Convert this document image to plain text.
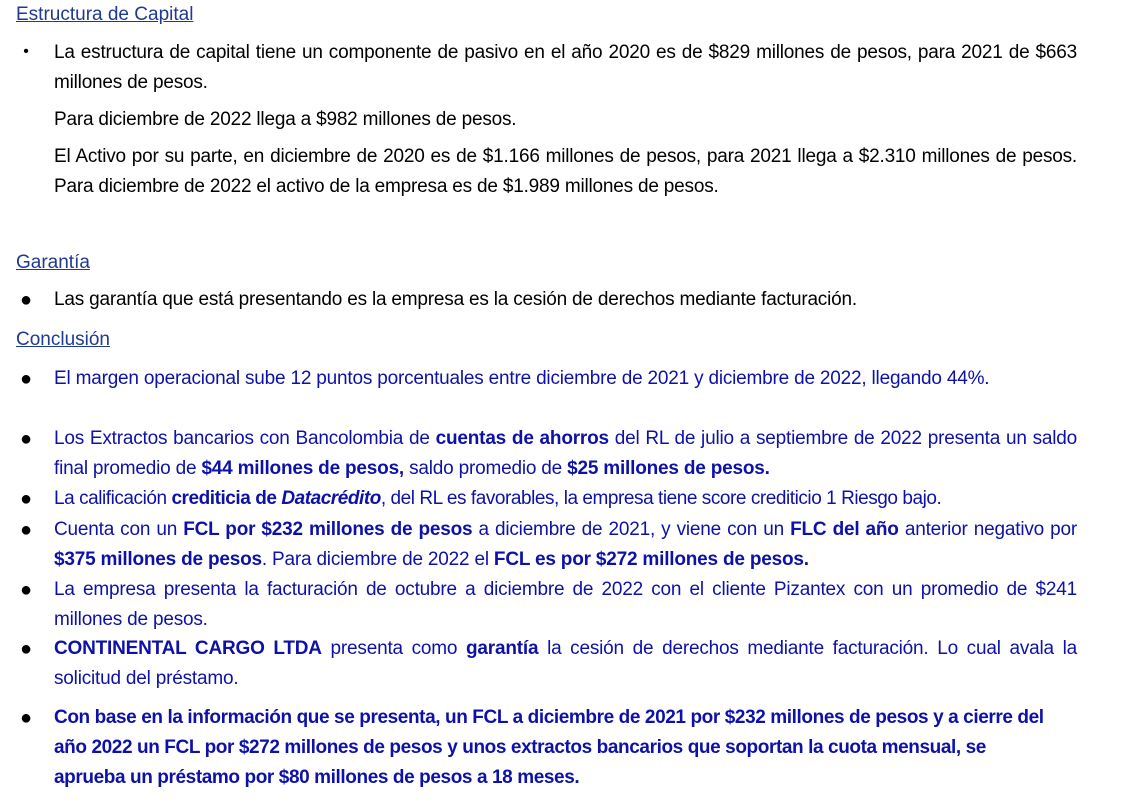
Estructura de Capital
• La estructura de capital tiene un componente de pasivo en el año 2020 es de $829 millones de pesos, para 2021 de $663 millones de pesos.
Para diciembre de 2022 llega a $982 millones de pesos.
El Activo por su parte, en diciembre de 2020 es de $1.166 millones de pesos, para 2021 llega a $2.310 millones de pesos. Para diciembre de 2022 el activo de la empresa es de $1.989 millones de pesos.
Garantía
● Las garantía que está presentando es la empresa es la cesión de derechos mediante facturación.
Conclusión
● El margen operacional sube 12 puntos porcentuales entre diciembre de 2021 y diciembre de 2022, llegando 44%.
● Los Extractos bancarios con Bancolombia de cuentas de ahorros del RL de julio a septiembre de 2022 presenta un saldo final promedio de $44 millones de pesos, saldo promedio de $25 millones de pesos.
● La calificación crediticia de Datacrédito, del RL es favorables, la empresa tiene score crediticio 1 Riesgo bajo.
● Cuenta con un FCL por $232 millones de pesos a diciembre de 2021, y viene con un FLC del año anterior negativo por $375 millones de pesos. Para diciembre de 2022 el FCL es por $272 millones de pesos.
● La empresa presenta la facturación de octubre a diciembre de 2022 con el cliente Pizantex con un promedio de $241 millones de pesos.
● CONTINENTAL CARGO LTDA presenta como garantía la cesión de derechos mediante facturación. Lo cual avala la solicitud del préstamo.
● Con base en la información que se presenta, un FCL a diciembre de 2021 por $232 millones de pesos y a cierre del año 2022 un FCL por $272 millones de pesos y unos extractos bancarios que soportan la cuota mensual, se aprueba un préstamo por $80 millones de pesos a 18 meses.
